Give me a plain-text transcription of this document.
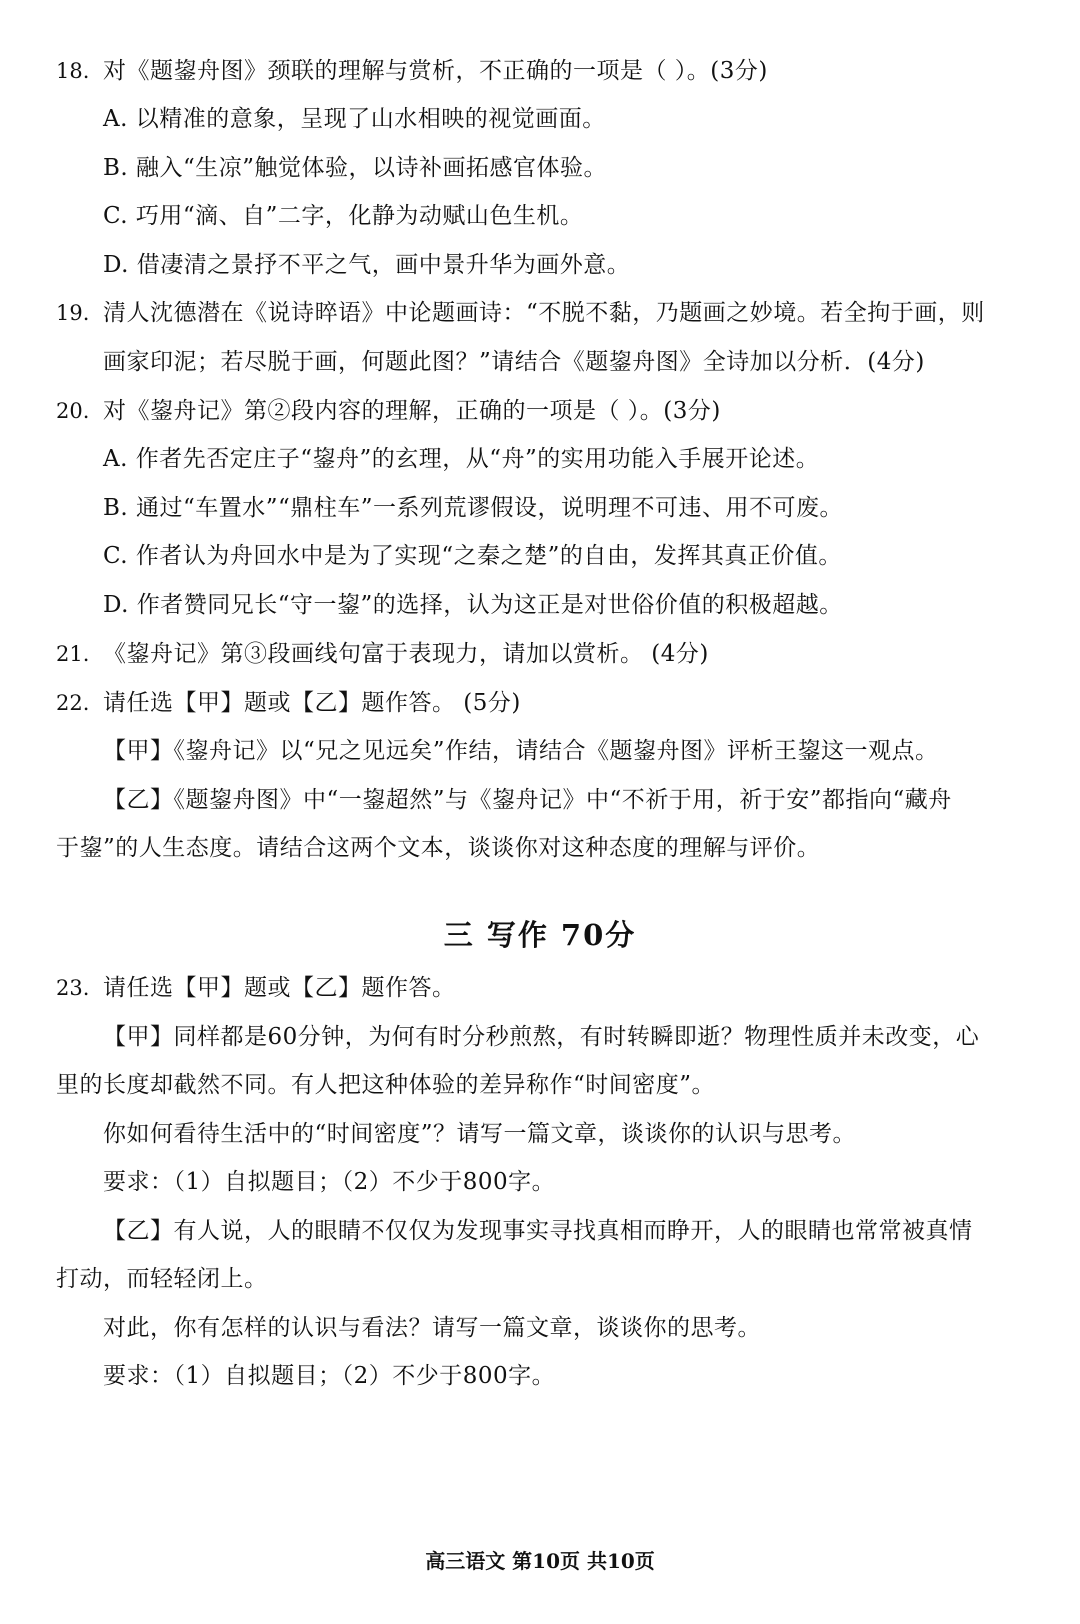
18. 对《题鋆舟图》颈联的理解与赏析，不正确的一项是（ ）。(3分)
A. 以精准的意象，呈现了山水相映的视觉画面。
B. 融入“生凉”触觉体验，以诗补画拓感官体验。
C. 巧用“滴、自”二字，化静为动赋山色生机。
D. 借凄清之景抒不平之气，画中景升华为画外意。
19. 清人沈德潜在《说诗晬语》中论题画诗：“不脱不黏，乃题画之妙境。若全拘于画，则
画家印泥；若尽脱于画，何题此图？”请结合《题鋆舟图》全诗加以分析．(4分)
20. 对《鋆舟记》第②段内容的理解，正确的一项是（ ）。(3分)
A. 作者先否定庄子“鋆舟”的玄理，从“舟”的实用功能入手展开论述。
B. 通过“车置水”“鼎柱车”一系列荒谬假设，说明理不可违、用不可废。
C. 作者认为舟回水中是为了实现“之秦之楚”的自由，发挥其真正价值。
D. 作者赞同兄长“守一鋆”的选择，认为这正是对世俗价值的积极超越。
21. 《鋆舟记》第③段画线句富于表现力，请加以赏析。 (4分)
22. 请任选【甲】题或【乙】题作答。 (5分)
【甲】《鋆舟记》以“兄之见远矣”作结，请结合《题鋆舟图》评析王鋆这一观点。
【乙】《题鋆舟图》中“一鋆超然”与《鋆舟记》中“不祈于用，祈于安”都指向“藏舟
于鋆”的人生态度。请结合这两个文本，谈谈你对这种态度的理解与评价。
三 写作 70分
23. 请任选【甲】题或【乙】题作答。
【甲】同样都是60分钟，为何有时分秒煎熬，有时转瞬即逝？物理性质并未改变，心
里的长度却截然不同。有人把这种体验的差异称作“时间密度”。
你如何看待生活中的“时间密度”？请写一篇文章，谈谈你的认识与思考。
要求：（1）自拟题目；（2）不少于800字。
【乙】有人说，人的眼睛不仅仅为发现事实寻找真相而睁开，人的眼睛也常常被真情
打动，而轻轻闭上。
对此，你有怎样的认识与看法？请写一篇文章，谈谈你的思考。
要求：（1）自拟题目；（2）不少于800字。
高三语文 第10页 共10页
